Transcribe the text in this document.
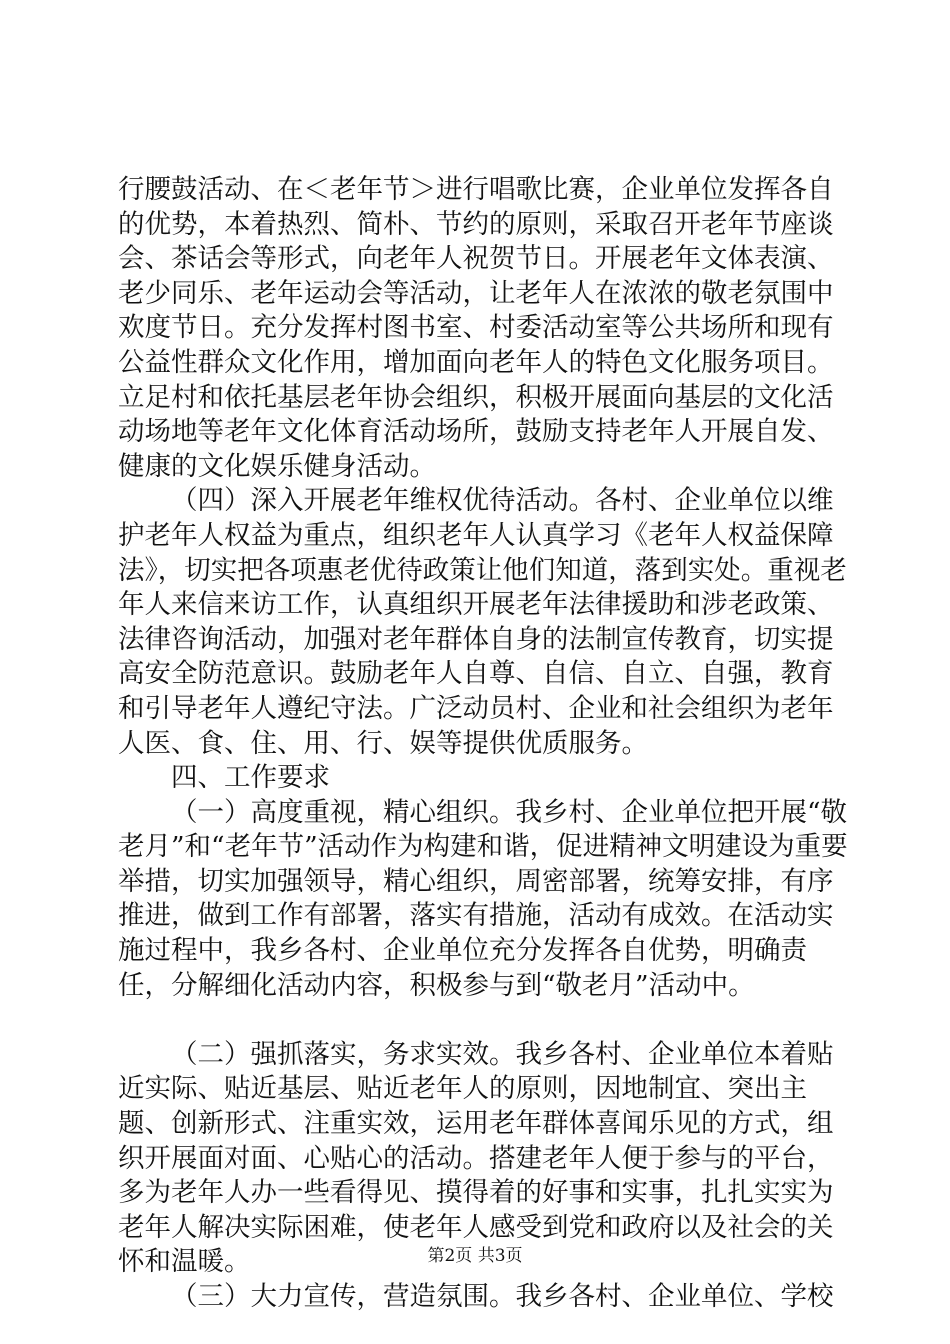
行腰鼓活动、在＜老年节＞进行唱歌比赛，企业单位发挥各自的优势，本着热烈、简朴、节约的原则，采取召开老年节座谈会、茶话会等形式，向老年人祝贺节日。开展老年文体表演、老少同乐、老年运动会等活动，让老年人在浓浓的敬老氛围中欢度节日。充分发挥村图书室、村委活动室等公共场所和现有公益性群众文化作用，增加面向老年人的特色文化服务项目。立足村和依托基层老年协会组织，积极开展面向基层的文化活动场地等老年文化体育活动场所，鼓励支持老年人开展自发、健康的文化娱乐健身活动。

（四）深入开展老年维权优待活动。各村、企业单位以维护老年人权益为重点，组织老年人认真学习《老年人权益保障法》，切实把各项惠老优待政策让他们知道，落到实处。重视老年人来信来访工作，认真组织开展老年法律援助和涉老政策、法律咨询活动，加强对老年群体自身的法制宣传教育，切实提高安全防范意识。鼓励老年人自尊、自信、自立、自强，教育和引导老年人遵纪守法。广泛动员村、企业和社会组织为老年人医、食、住、用、行、娱等提供优质服务。

四、工作要求

（一）高度重视，精心组织。我乡村、企业单位把开展“敬老月”和“老年节”活动作为构建和谐，促进精神文明建设为重要举措，切实加强领导，精心组织，周密部署，统筹安排，有序推进，做到工作有部署，落实有措施，活动有成效。在活动实施过程中，我乡各村、企业单位充分发挥各自优势，明确责任，分解细化活动内容，积极参与到“敬老月”活动中。

（二）强抓落实，务求实效。我乡各村、企业单位本着贴近实际、贴近基层、贴近老年人的原则，因地制宜、突出主题、创新形式、注重实效，运用老年群体喜闻乐见的方式，组织开展面对面、心贴心的活动。搭建老年人便于参与的平台，多为老年人办一些看得见、摸得着的好事和实事，扎扎实实为老年人解决实际困难，使老年人感受到党和政府以及社会的关怀和温暖。

（三）大力宣传，营造氛围。我乡各村、企业单位、学校

第2页 共3页
